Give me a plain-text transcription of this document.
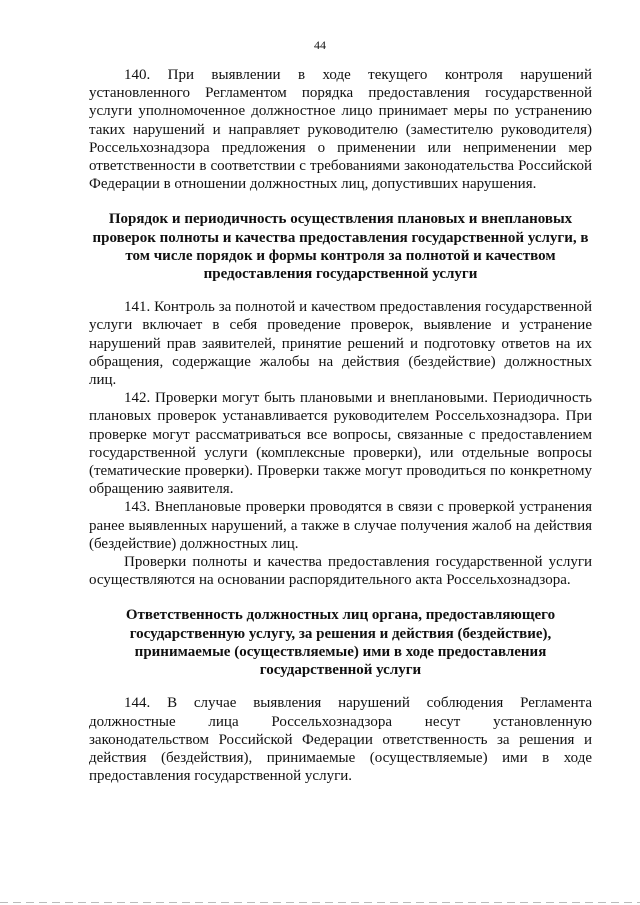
44

140. При выявлении в ходе текущего контроля нарушений установленного Регламентом порядка предоставления государственной услуги уполномоченное должностное лицо принимает меры по устранению таких нарушений и направляет руководителю (заместителю руководителя) Россельхознадзора предложения о применении или неприменении мер ответственности в соответствии с требованиями законодательства Российской Федерации в отношении должностных лиц, допустивших нарушения.

Порядок и периодичность осуществления плановых и внеплановых проверок полноты и качества предоставления государственной услуги, в том числе порядок и формы контроля за полнотой и качеством предоставления государственной услуги

141. Контроль за полнотой и качеством предоставления государственной услуги включает в себя проведение проверок, выявление и устранение нарушений прав заявителей, принятие решений и подготовку ответов на их обращения, содержащие жалобы на действия (бездействие) должностных лиц.

142. Проверки могут быть плановыми и внеплановыми. Периодичность плановых проверок устанавливается руководителем Россельхознадзора. При проверке могут рассматриваться все вопросы, связанные с предоставлением государственной услуги (комплексные проверки), или отдельные вопросы (тематические проверки). Проверки также могут проводиться по конкретному обращению заявителя.

143. Внеплановые проверки проводятся в связи с проверкой устранения ранее выявленных нарушений, а также в случае получения жалоб на действия (бездействие) должностных лиц.

Проверки полноты и качества предоставления государственной услуги осуществляются на основании распорядительного акта Россельхознадзора.

Ответственность должностных лиц органа, предоставляющего государственную услугу, за решения и действия (бездействие), принимаемые (осуществляемые) ими в ходе предоставления государственной услуги

144. В случае выявления нарушений соблюдения Регламента должностные лица Россельхознадзора несут установленную законодательством Российской Федерации ответственность за решения и действия (бездействия), принимаемые (осуществляемые) ими в ходе предоставления государственной услуги.
